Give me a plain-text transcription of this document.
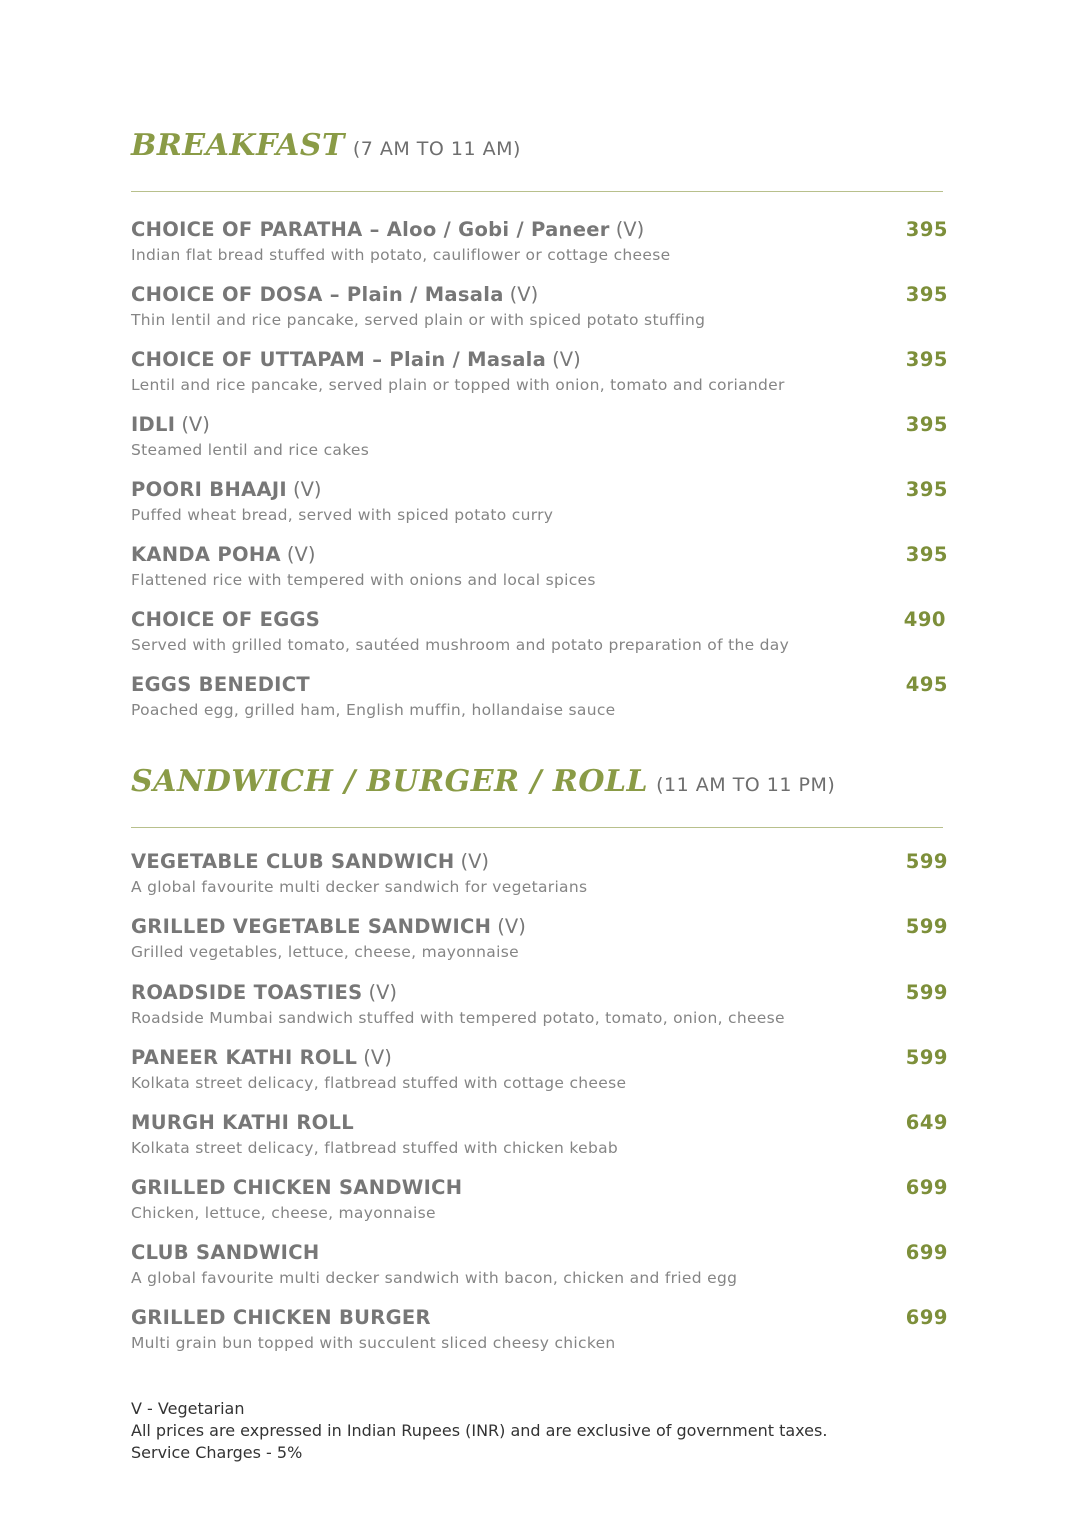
BREAKFAST (7 AM TO 11 AM)
CHOICE OF PARATHA – Aloo / Gobi / Paneer (V)	395
Indian flat bread stuffed with potato, cauliflower or cottage cheese
CHOICE OF DOSA – Plain / Masala (V)	395
Thin lentil and rice pancake, served plain or with spiced potato stuffing
CHOICE OF UTTAPAM – Plain / Masala (V)	395
Lentil and rice pancake, served plain or topped with onion, tomato and coriander
IDLI (V)	395
Steamed lentil and rice cakes
POORI BHAAJI (V)	395
Puffed wheat bread, served with spiced potato curry
KANDA POHA (V)	395
Flattened rice with tempered with onions and local spices
CHOICE OF EGGS	490
Served with grilled tomato, sautéed mushroom and potato preparation of the day
EGGS BENEDICT	495
Poached egg, grilled ham, English muffin, hollandaise sauce
SANDWICH / BURGER / ROLL (11 AM TO 11 PM)
VEGETABLE CLUB SANDWICH (V)	599
A global favourite multi decker sandwich for vegetarians
GRILLED VEGETABLE SANDWICH (V)	599
Grilled vegetables, lettuce, cheese, mayonnaise
ROADSIDE TOASTIES (V)	599
Roadside Mumbai sandwich stuffed with tempered potato, tomato, onion, cheese
PANEER KATHI ROLL (V)	599
Kolkata street delicacy, flatbread stuffed with cottage cheese
MURGH KATHI ROLL	649
Kolkata street delicacy, flatbread stuffed with chicken kebab
GRILLED CHICKEN SANDWICH	699
Chicken, lettuce, cheese, mayonnaise
CLUB SANDWICH	699
A global favourite multi decker sandwich with bacon, chicken and fried egg
GRILLED CHICKEN BURGER	699
Multi grain bun topped with succulent sliced cheesy chicken
V - Vegetarian
All prices are expressed in Indian Rupees (INR) and are exclusive of government taxes.
Service Charges - 5%
